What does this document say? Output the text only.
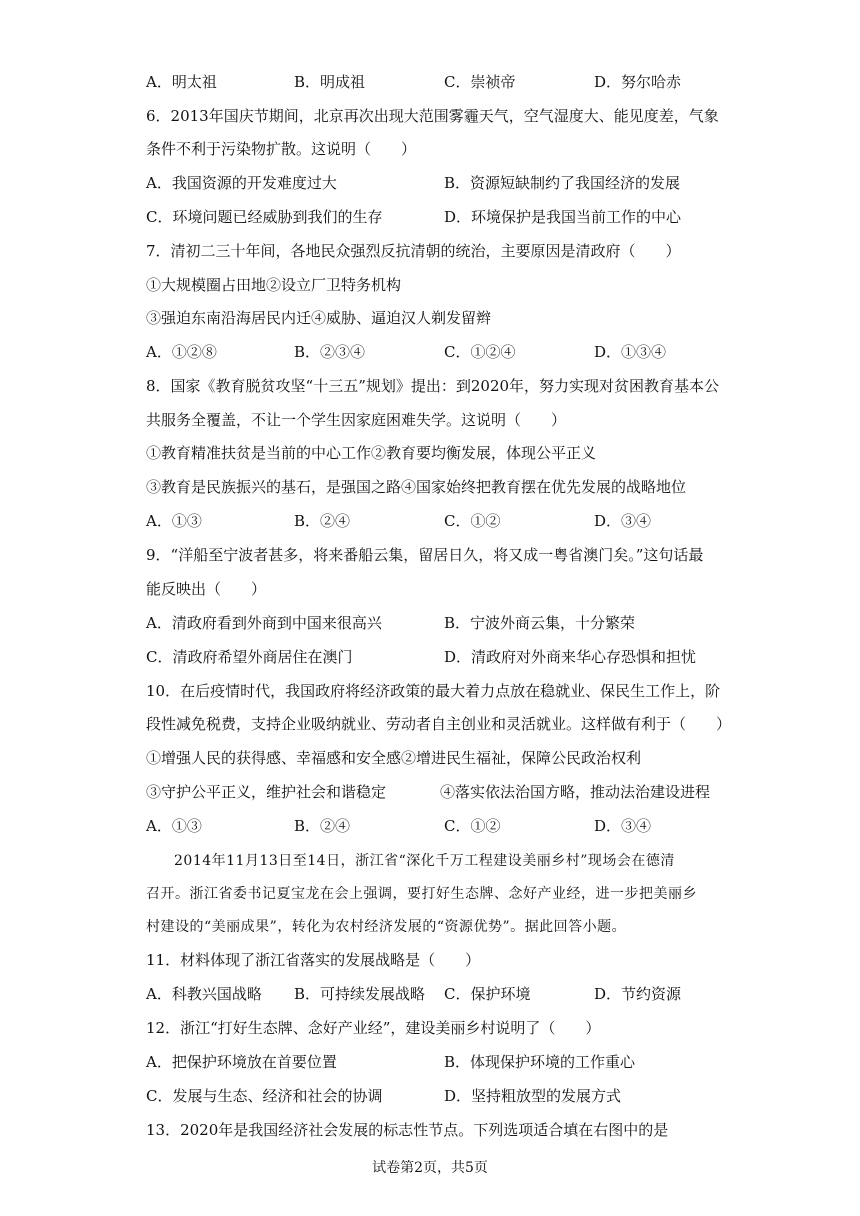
A．明太祖	B．明成祖	C．崇祯帝	D．努尔哈赤
6．2013年国庆节期间，北京再次出现大范围雾霾天气，空气湿度大、能见度差，气象
条件不利于污染物扩散。这说明（　　）
A．我国资源的开发难度过大	B．资源短缺制约了我国经济的发展
C．环境问题已经威胁到我们的生存	D．环境保护是我国当前工作的中心
7．清初二三十年间，各地民众强烈反抗清朝的统治，主要原因是清政府（　　）
①大规模圈占田地②设立厂卫特务机构
③强迫东南沿海居民内迁④威胁、逼迫汉人剃发留辫
A．①②⑧	B．②③④	C．①②④	D．①③④
8．国家《教育脱贫攻坚“十三五”规划》提出：到2020年，努力实现对贫困教育基本公
共服务全覆盖，不让一个学生因家庭困难失学。这说明（　　）
①教育精准扶贫是当前的中心工作②教育要均衡发展，体现公平正义
③教育是民族振兴的基石，是强国之路④国家始终把教育摆在优先发展的战略地位
A．①③	B．②④	C．①②	D．③④
9．“洋船至宁波者甚多，将来番船云集，留居日久，将又成一粤省澳门矣。”这句话最
能反映出（　　）
A．清政府看到外商到中国来很高兴	B．宁波外商云集，十分繁荣
C．清政府希望外商居住在澳门	D．清政府对外商来华心存恐惧和担忧
10．在后疫情时代，我国政府将经济政策的最大着力点放在稳就业、保民生工作上，阶
段性减免税费，支持企业吸纳就业、劳动者自主创业和灵活就业。这样做有利于（　　）
①增强人民的获得感、幸福感和安全感②增进民生福祉，保障公民政治权利
③守护公平正义，维护社会和谐稳定	④落实依法治国方略，推动法治建设进程
A．①③	B．②④	C．①②	D．③④
2014年11月13日至14日，浙江省“深化千万工程建设美丽乡村”现场会在德清
召开。浙江省委书记夏宝龙在会上强调，要打好生态牌、念好产业经，进一步把美丽乡
村建设的“美丽成果”，转化为农村经济发展的“资源优势”。据此回答小题。
11．材料体现了浙江省落实的发展战略是（　　）
A．科教兴国战略 B．可持续发展战略 C．保护环境	D．节约资源
12．浙江“打好生态牌、念好产业经”，建设美丽乡村说明了（　　）
A．把保护环境放在首要位置	B．体现保护环境的工作重心
C．发展与生态、经济和社会的协调	D．坚持粗放型的发展方式
13．2020年是我国经济社会发展的标志性节点。下列选项适合填在右图中的是
试卷第2页，共5页
